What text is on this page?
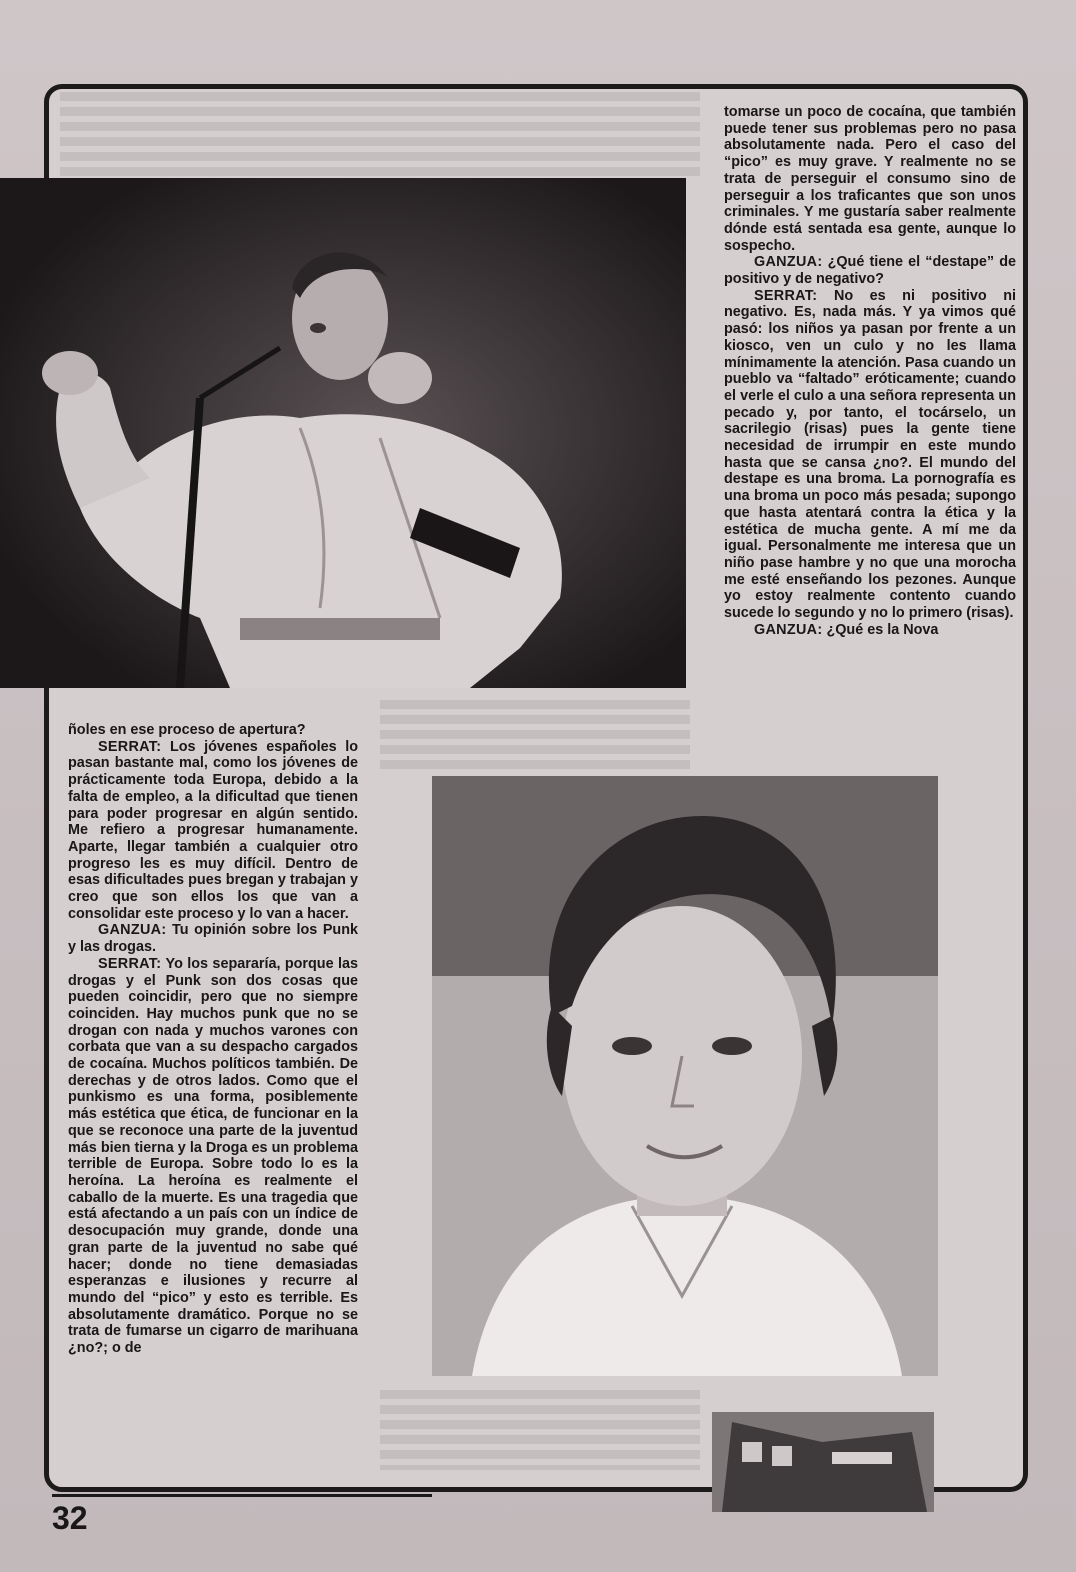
tomarse un poco de cocaína, que también puede tener sus problemas pero no pasa absolutamente nada. Pero el caso del “pico” es muy grave. Y realmente no se trata de perseguir el consumo sino de perseguir a los traficantes que son unos criminales. Y me gustaría saber realmente dónde está sentada esa gente, aunque lo sospecho.

GANZUA: ¿Qué tiene el “destape” de positivo y de negativo?

SERRAT: No es ni positivo ni negativo. Es, nada más. Y ya vimos qué pasó: los niños ya pasan por frente a un kiosco, ven un culo y no les llama mínimamente la atención. Pasa cuando un pueblo va “faltado” eróticamente; cuando el verle el culo a una señora representa un pecado y, por tanto, el tocárselo, un sacrilegio (risas) pues la gente tiene necesidad de irrumpir en este mundo hasta que se cansa ¿no?. El mundo del destape es una broma. La pornografía es una broma un poco más pesada; supongo que hasta atentará contra la ética y la estética de mucha gente. A mí me da igual. Personalmente me interesa que un niño pase hambre y no que una morocha me esté enseñando los pezones. Aunque yo estoy realmente contento cuando sucede lo segundo y no lo primero (risas).

GANZUA: ¿Qué es la Nova

ñoles en ese proceso de apertura?

SERRAT: Los jóvenes españoles lo pasan bastante mal, como los jóvenes de prácticamente toda Europa, debido a la falta de empleo, a la dificultad que tienen para poder progresar en algún sentido. Me refiero a progresar humanamente. Aparte, llegar también a cualquier otro progreso les es muy difícil. Dentro de esas dificultades pues bregan y trabajan y creo que son ellos los que van a consolidar este proceso y lo van a hacer.

GANZUA: Tu opinión sobre los Punk y las drogas.

SERRAT: Yo los separaría, porque las drogas y el Punk son dos cosas que pueden coincidir, pero que no siempre coinciden. Hay muchos punk que no se drogan con nada y muchos varones con corbata que van a su despacho cargados de cocaína. Muchos políticos también. De derechas y de otros lados. Como que el punkismo es una forma, posiblemente más estética que ética, de funcionar en la que se reconoce una parte de la juventud más bien tierna y la Droga es un problema terrible de Europa. Sobre todo lo es la heroína. La heroína es realmente el caballo de la muerte. Es una tragedia que está afectando a un país con un índice de desocupación muy grande, donde una gran parte de la juventud no sabe qué hacer; donde no tiene demasiadas esperanzas e ilusiones y recurre al mundo del “pico” y esto es terrible. Es absolutamente dramático. Porque no se trata de fumarse un cigarro de marihuana ¿no?; o de

32
